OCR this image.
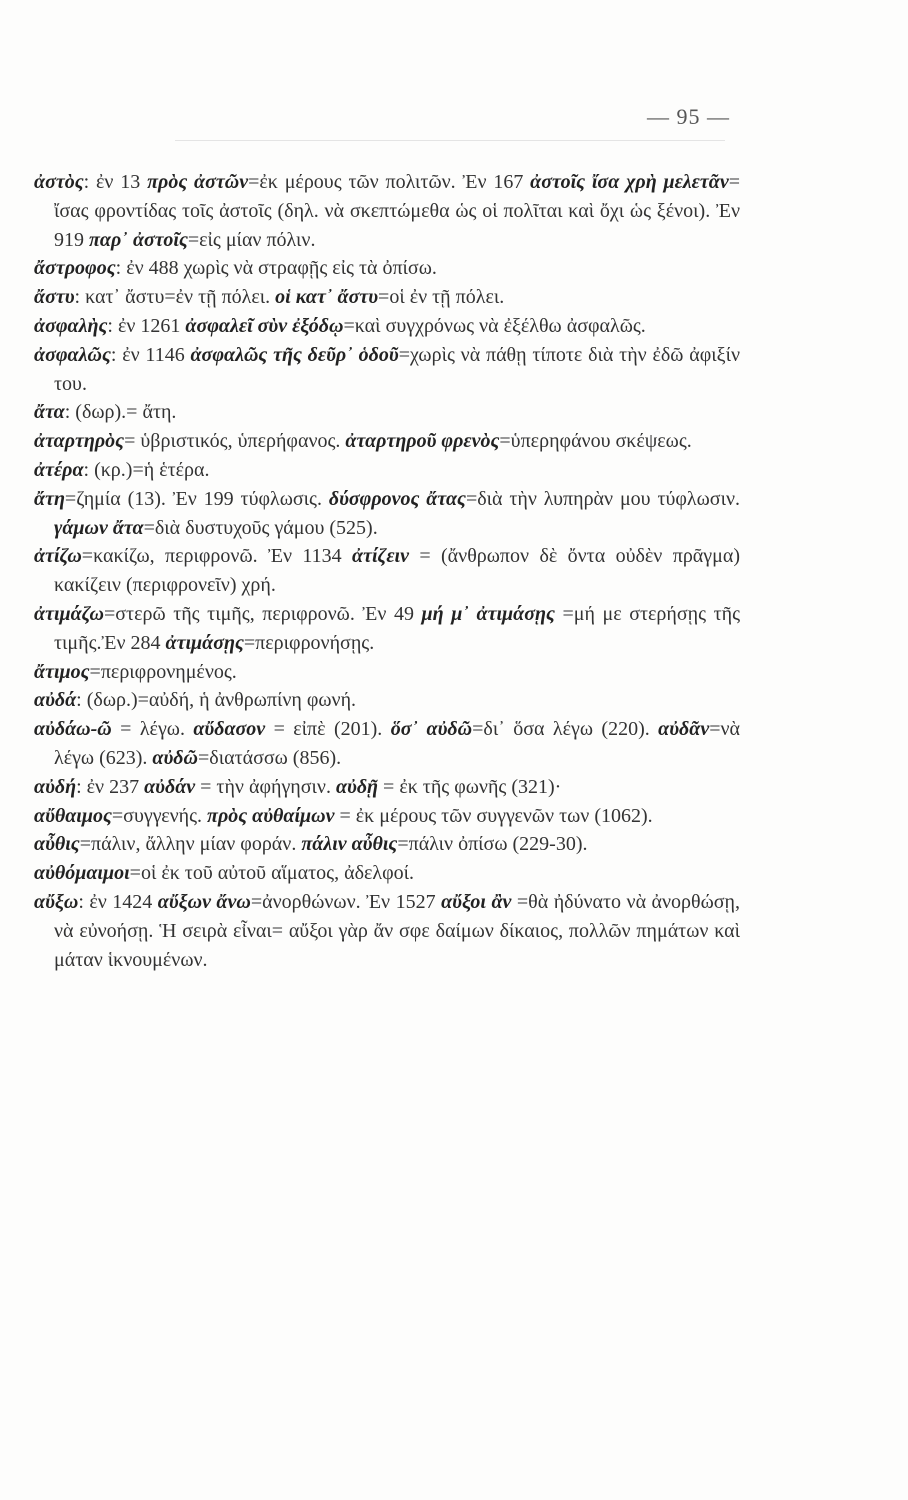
— 95 —

ἀστὸς: ἐν 13 πρὸς ἀστῶν=ἐκ μέρους τῶν πολιτῶν. Ἐν 167 ἀστοῖς ἴσα χρὴ μελετᾶν= ἴσας φροντίδας τοῖς ἀστοῖς (δηλ. νὰ σκεπτώμεθα ὡς οἱ πολῖται καὶ ὄχι ὡς ξένοι). Ἐν 919 παρ᾿ ἀστοῖς=εἰς μίαν πόλιν.

ἄστροφος: ἐν 488 χωρὶς νὰ στραφῇς εἰς τὰ ὀπίσω.

ἄστυ: κατ᾿ ἄστυ=ἐν τῇ πόλει. οἱ κατ᾿ ἄστυ=οἱ ἐν τῇ πόλει.

ἀσφαλὴς: ἐν 1261 ἀσφαλεῖ σὺν ἐξόδῳ=καὶ συγχρόνως νὰ ἐξέλθω ἀσφαλῶς.

ἀσφαλῶς: ἐν 1146 ἀσφαλῶς τῆς δεῦρ᾿ ὁδοῦ=χωρὶς νὰ πάθῃ τίποτε διὰ τὴν ἐδῶ ἀφιξίν του.

ἄτα: (δωρ).= ἄτη.

ἀταρτηρὸς= ὑβριστικός, ὑπερήφανος. ἀταρτηροῦ φρενὸς=ὑπερηφάνου σκέψεως.

ἀτέρα: (κρ.)=ἡ ἑτέρα.

ἄτη=ζημία (13). Ἐν 199 τύφλωσις. δύσφρονος ἄτας=διὰ τὴν λυπηρὰν μου τύφλωσιν. γάμων ἄτα=διὰ δυστυχοῦς γάμου (525).

ἀτίζω=κακίζω, περιφρονῶ. Ἐν 1134 ἀτίζειν = (ἄνθρωπον δὲ ὄντα οὐδὲν πρᾶγμα) κακίζειν (περιφρονεῖν) χρή.

ἀτιμάζω=στερῶ τῆς τιμῆς, περιφρονῶ. Ἐν 49 μή μ᾿ ἀτιμάσῃς =μή με στερήσῃς τῆς τιμῆς.Ἐν 284 ἀτιμάσῃς=περιφρονήσῃς.

ἄτιμος=περιφρονημένος.

αὐδά: (δωρ.)=αὐδή, ἡ ἀνθρωπίνη φωνή.

αὐδάω-ῶ = λέγω. αὔδασον = εἰπὲ (201). ὅσ᾿ αὐδῶ=δι᾿ ὅσα λέγω (220). αὐδᾶν=νὰ λέγω (623). αὐδῶ=διατάσσω (856).

αὐδή: ἐν 237 αὐδάν = τὴν ἀφήγησιν. αὐδῇ = ἐκ τῆς φωνῆς (321)·

αὔθαιμος=συγγενής. πρὸς αὐθαίμων = ἐκ μέρους τῶν συγγενῶν των (1062).

αὖθις=πάλιν, ἄλλην μίαν φοράν. πάλιν αὖθις=πάλιν ὀπίσω (229-30).

αὐθόμαιμοι=οἱ ἐκ τοῦ αὐτοῦ αἵματος, ἀδελφοί.

αὔξω: ἐν 1424 αὔξων ἄνω=ἀνορθώνων. Ἐν 1527 αὔξοι ἂν =θὰ ἠδύνατο νὰ ἀνορθώσῃ, νὰ εὐνοήσῃ. Ἡ σειρὰ εἶναι= αὔξοι γὰρ ἄν σφε δαίμων δίκαιος, πολλῶν πημάτων καὶ μάταν ἱκνουμένων.
